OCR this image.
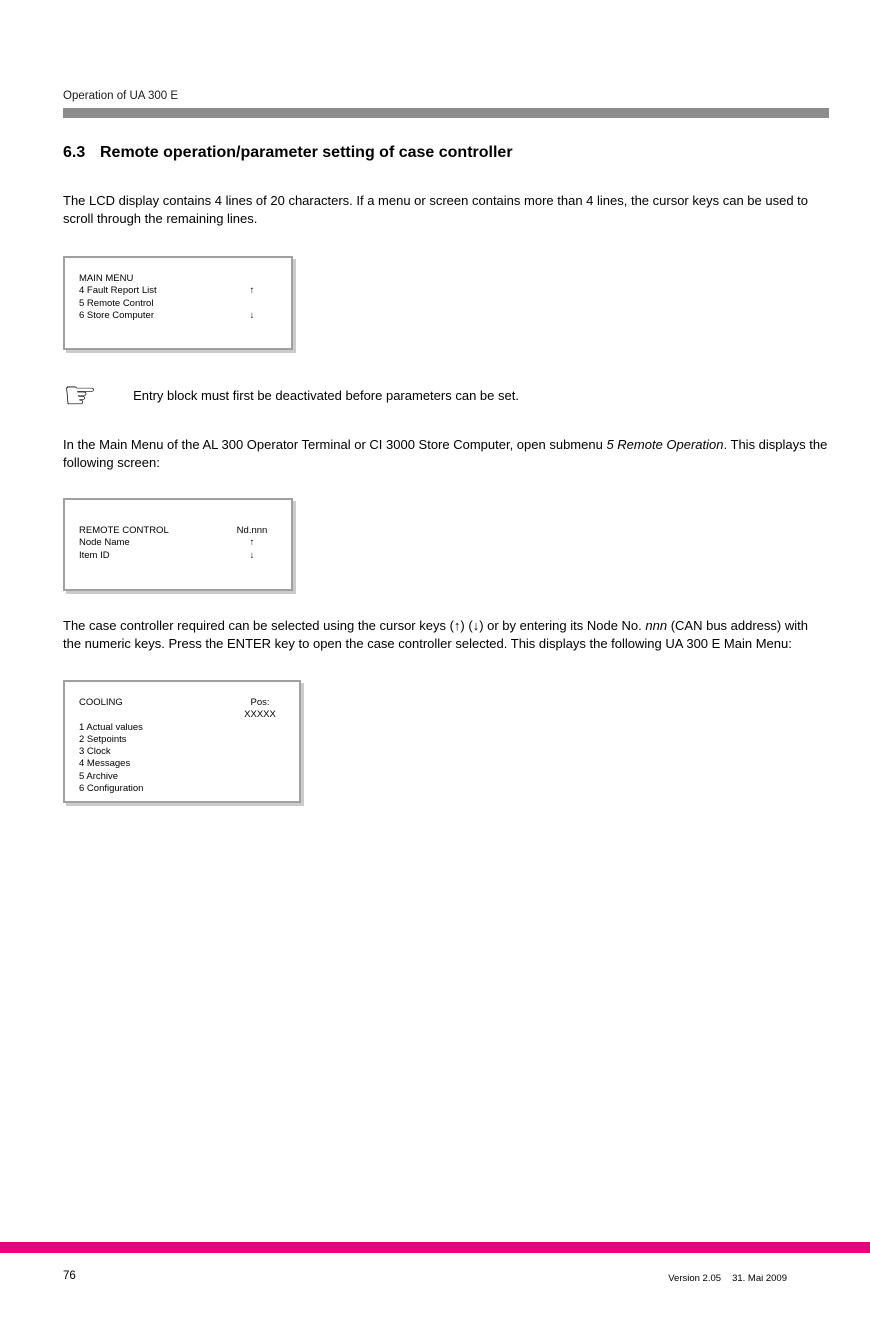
Operation of UA 300 E
6.3 Remote operation/parameter setting of case controller

The LCD display contains 4 lines of 20 characters. If a menu or screen contains more than 4 lines, the cursor keys can be used to scroll through the remaining lines.

MAIN MENU
4 Fault Report List	↑
5 Remote Control
6 Store Computer	↓
☞	Entry block must first be deactivated before parameters can be set.

In the Main Menu of the AL 300 Operator Terminal or CI 3000 Store Computer, open submenu 5 Remote Operation. This displays the following screen:

REMOTE CONTROL	Nd.nnn
Node Name	↑
Item ID	↓

The case controller required can be selected using the cursor keys (↑) (↓) or by entering its Node No. nnn (CAN bus address) with the numeric keys. Press the ENTER key to open the case controller selected. This displays the following UA 300 E Main Menu:

COOLING	Pos: XXXXX
1 Actual values
2 Setpoints
3 Clock
4 Messages
5 Archive
6 Configuration
76	Version 2.05 31. Mai 2009
